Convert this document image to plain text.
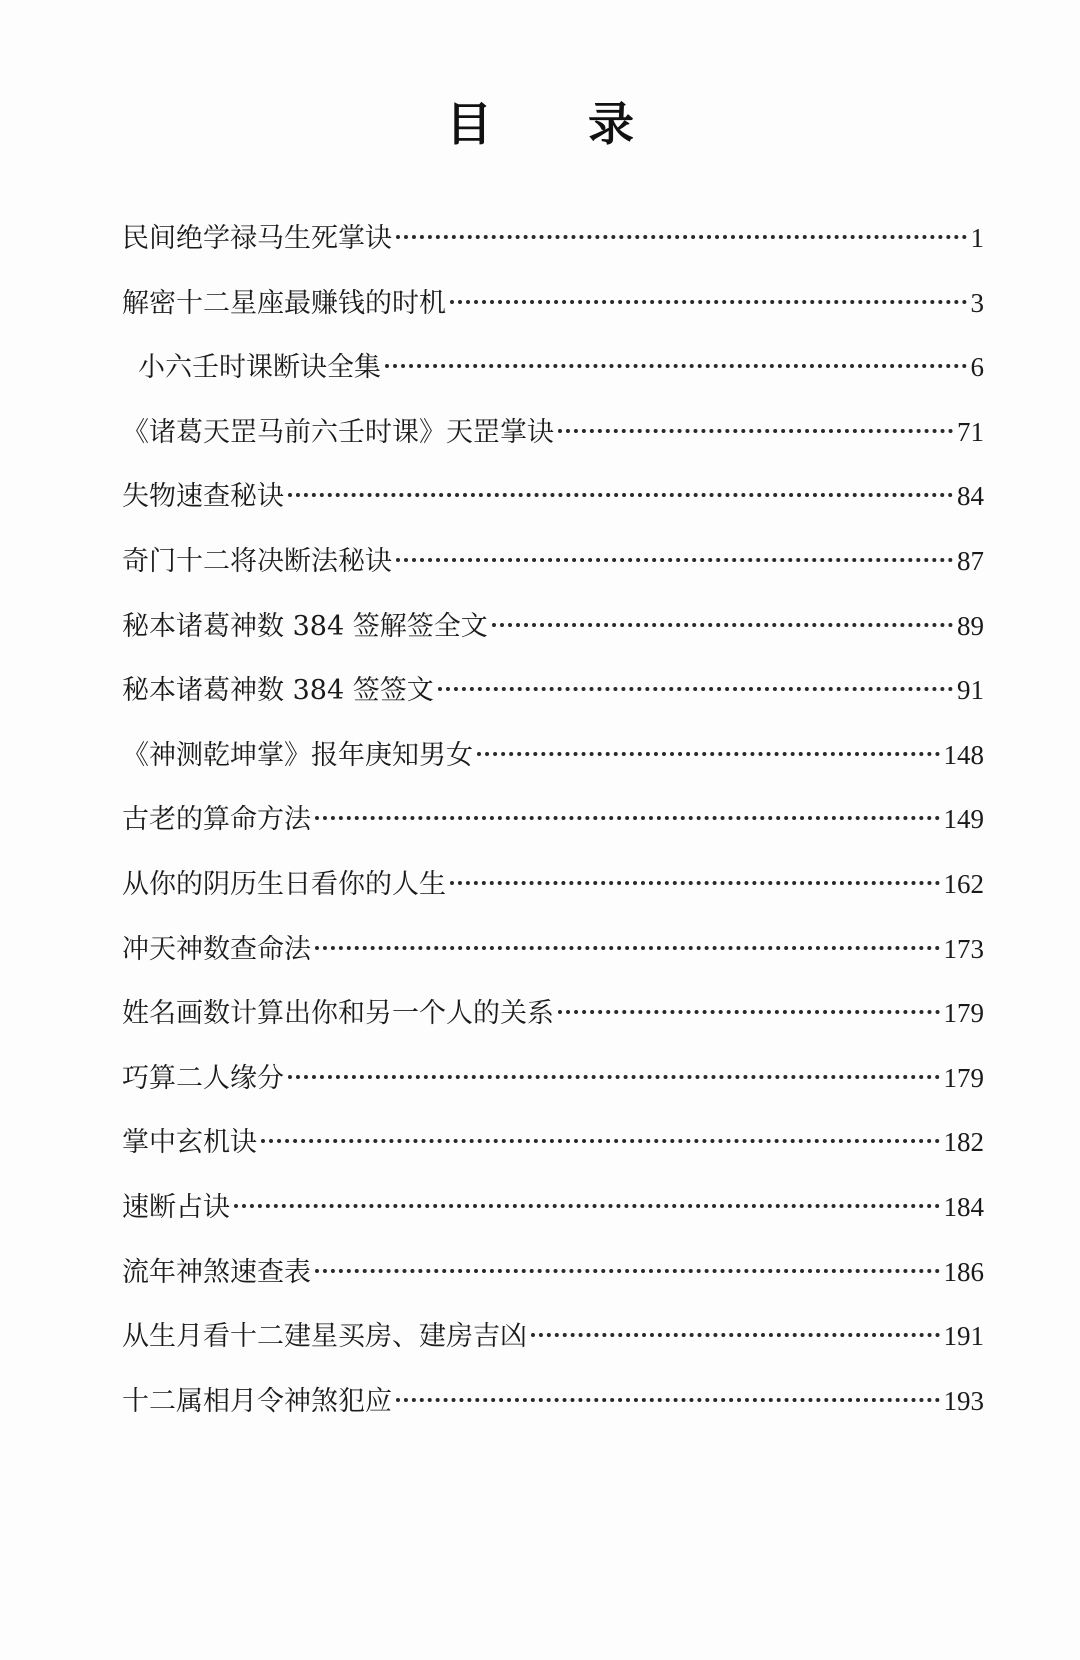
目 录
民间绝学禄马生死掌诀	1
解密十二星座最赚钱的时机	3
小六壬时课断诀全集	6
《诸葛天罡马前六壬时课》天罡掌诀	71
失物速查秘诀	84
奇门十二将决断法秘诀	87
秘本诸葛神数 384 签解签全文	89
秘本诸葛神数 384 签签文	91
《神测乾坤掌》报年庚知男女	148
古老的算命方法	149
从你的阴历生日看你的人生	162
冲天神数查命法	173
姓名画数计算出你和另一个人的关系	179
巧算二人缘分	179
掌中玄机诀	182
速断占诀	184
流年神煞速查表	186
从生月看十二建星买房、建房吉凶	191
十二属相月令神煞犯应	193
